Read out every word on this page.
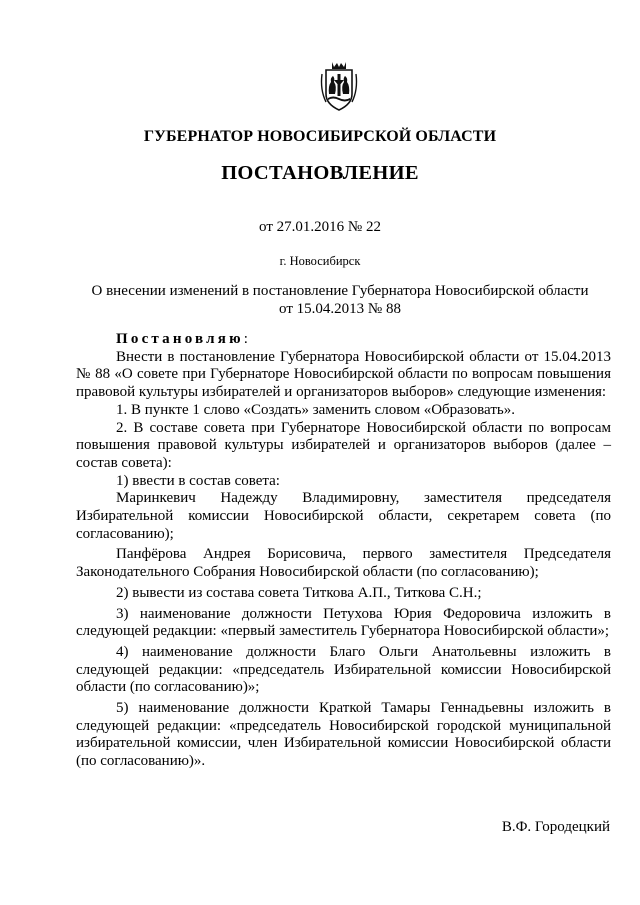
ГУБЕРНАТОР НОВОСИБИРСКОЙ ОБЛАСТИ
ПОСТАНОВЛЕНИЕ
от 27.01.2016 № 22
г. Новосибирск
О внесении изменений в постановление Губернатора Новосибирской области
от 15.04.2013 № 88

Постановляю:

Внести в постановление Губернатора Новосибирской области от 15.04.2013 № 88 «О совете при Губернаторе Новосибирской области по вопросам повышения правовой культуры избирателей и организаторов выборов» следующие изменения:

1. В пункте 1 слово «Создать» заменить словом «Образовать».

2. В составе совета при Губернаторе Новосибирской области по вопросам повышения правовой культуры избирателей и организаторов выборов (далее – состав совета):

1) ввести в состав совета:

Маринкевич Надежду Владимировну, заместителя председателя Избирательной комиссии Новосибирской области, секретарем совета (по согласованию);

Панфёрова Андрея Борисовича, первого заместителя Председателя Законодательного Собрания Новосибирской области (по согласованию);

2) вывести из состава совета Титкова А.П., Титкова С.Н.;

3) наименование должности Петухова Юрия Федоровича изложить в следующей редакции: «первый заместитель Губернатора Новосибирской области»;

4) наименование должности Благо Ольги Анатольевны изложить в следующей редакции: «председатель Избирательной комиссии Новосибирской области (по согласованию)»;

5) наименование должности Краткой Тамары Геннадьевны изложить в следующей редакции: «председатель Новосибирской городской муниципальной избирательной комиссии, член Избирательной комиссии Новосибирской области (по согласованию)».

В.Ф. Городецкий
